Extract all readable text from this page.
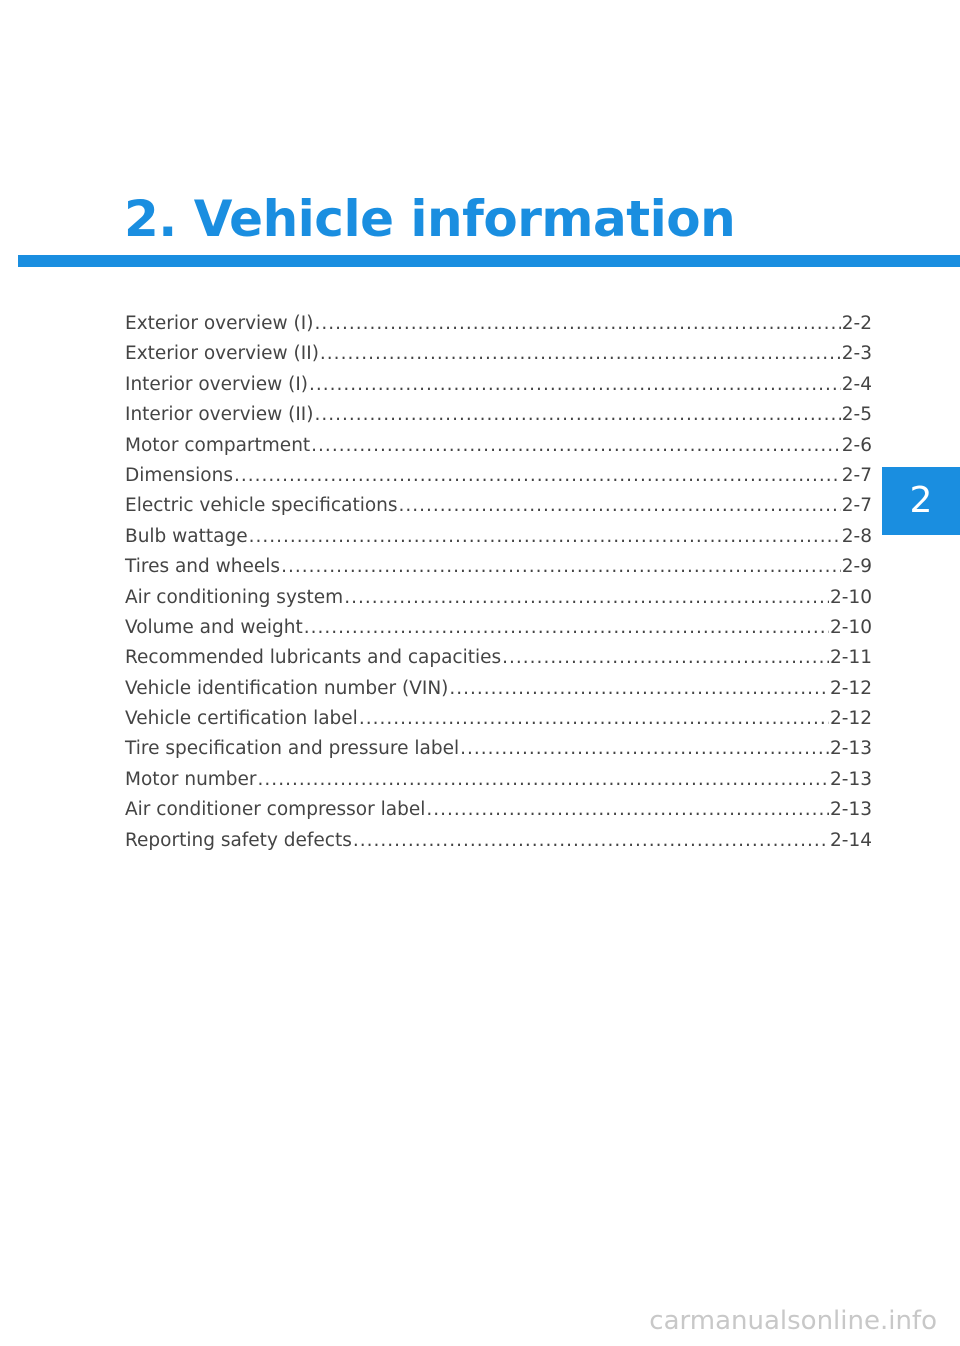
2. Vehicle information
Exterior overview (I) .....	2-2
Exterior overview (II) .....	2-3
Interior overview (I) .....	2-4
Interior overview (II) .....	2-5
Motor compartment .....	2-6
Dimensions .....	2-7
Electric vehicle specifications .....	2-7
Bulb wattage .....	2-8
Tires and wheels .....	2-9
Air conditioning system .....	2-10
Volume and weight .....	2-10
Recommended lubricants and capacities .....	2-11
Vehicle identification number (VIN) .....	2-12
Vehicle certification label .....	2-12
Tire specification and pressure label .....	2-13
Motor number .....	2-13
Air conditioner compressor label .....	2-13
Reporting safety defects .....	2-14
2
carmanualsonline.info
